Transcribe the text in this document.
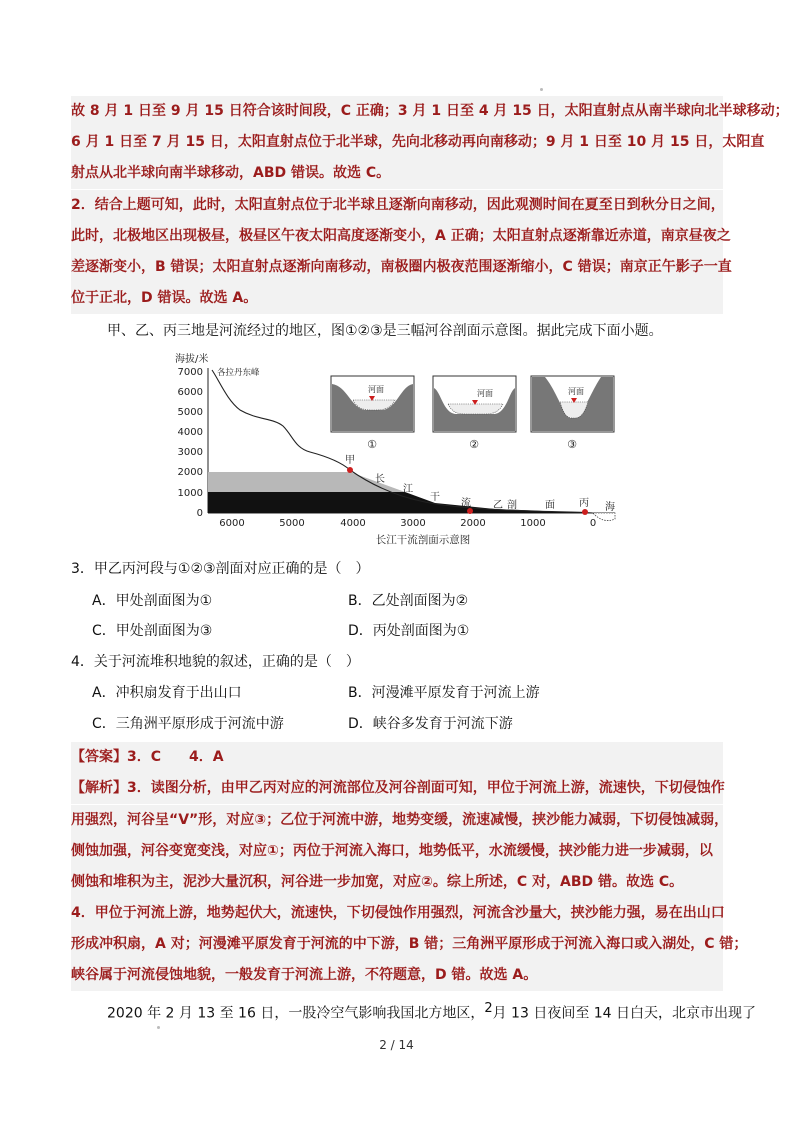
故 8 月 1 日至 9 月 15 日符合该时间段，C 正确；3 月 1 日至 4 月 15 日，太阳直射点从南半球向北半球移动；
6 月 1 日至 7 月 15 日，太阳直射点位于北半球，先向北移动再向南移动；9 月 1 日至 10 月 15 日，太阳直
射点从北半球向南半球移动，ABD 错误。故选 C。
2．结合上题可知，此时，太阳直射点位于北半球且逐渐向南移动，因此观测时间在夏至日到秋分日之间，
此时，北极地区出现极昼，极昼区午夜太阳高度逐渐变小，A 正确；太阳直射点逐渐靠近赤道，南京昼夜之
差逐渐变小，B 错误；太阳直射点逐渐向南移动，南极圈内极夜范围逐渐缩小，C 错误；南京正午影子一直
位于正北，D 错误。故选 A。
甲、乙、丙三地是河流经过的地区，图①②③是三幅河谷剖面示意图。据此完成下面小题。
0
1000
2000
3000
4000
5000
6000
7000
海拔/米
各拉丹东峰
海
甲
乙	丙
长
江
干
流	剖	面
6000	5000	4000	3000	2000	1000	0
长江干流剖面示意图
河面
①
河面
②
河面
③
3．甲乙丙河段与①②③剖面对应正确的是（　）
A．甲处剖面图为①	B．乙处剖面图为②
C．甲处剖面图为③	D．丙处剖面图为①
4．关于河流堆积地貌的叙述，正确的是（　）
A．冲积扇发育于出山口	B．河漫滩平原发育于河流上游
C．三角洲平原形成于河流中游	D．峡谷多发育于河流下游
【答案】3．C　　4．A
【解析】3．读图分析，由甲乙丙对应的河流部位及河谷剖面可知，甲位于河流上游，流速快，下切侵蚀作
用强烈，河谷呈“V”形，对应③；乙位于河流中游，地势变缓，流速减慢，挟沙能力减弱，下切侵蚀减弱，
侧蚀加强，河谷变宽变浅，对应①；丙位于河流入海口，地势低平，水流缓慢，挟沙能力进一步减弱，以
侧蚀和堆积为主，泥沙大量沉积，河谷进一步加宽，对应②。综上所述，C 对，ABD 错。故选 C。
4．甲位于河流上游，地势起伏大，流速快，下切侵蚀作用强烈，河流含沙量大，挟沙能力强，易在出山口
形成冲积扇，A 对；河漫滩平原发育于河流的中下游，B 错；三角洲平原形成于河流入海口或入湖处，C 错；
峡谷属于河流侵蚀地貌，一般发育于河流上游，不符题意，D 错。故选 A。
2020 年 2 月 13 至 16 日，一股冷空气影响我国北方地区，$^2$月 13 日夜间至 14 日白天，北京市出现了
2 / 14
